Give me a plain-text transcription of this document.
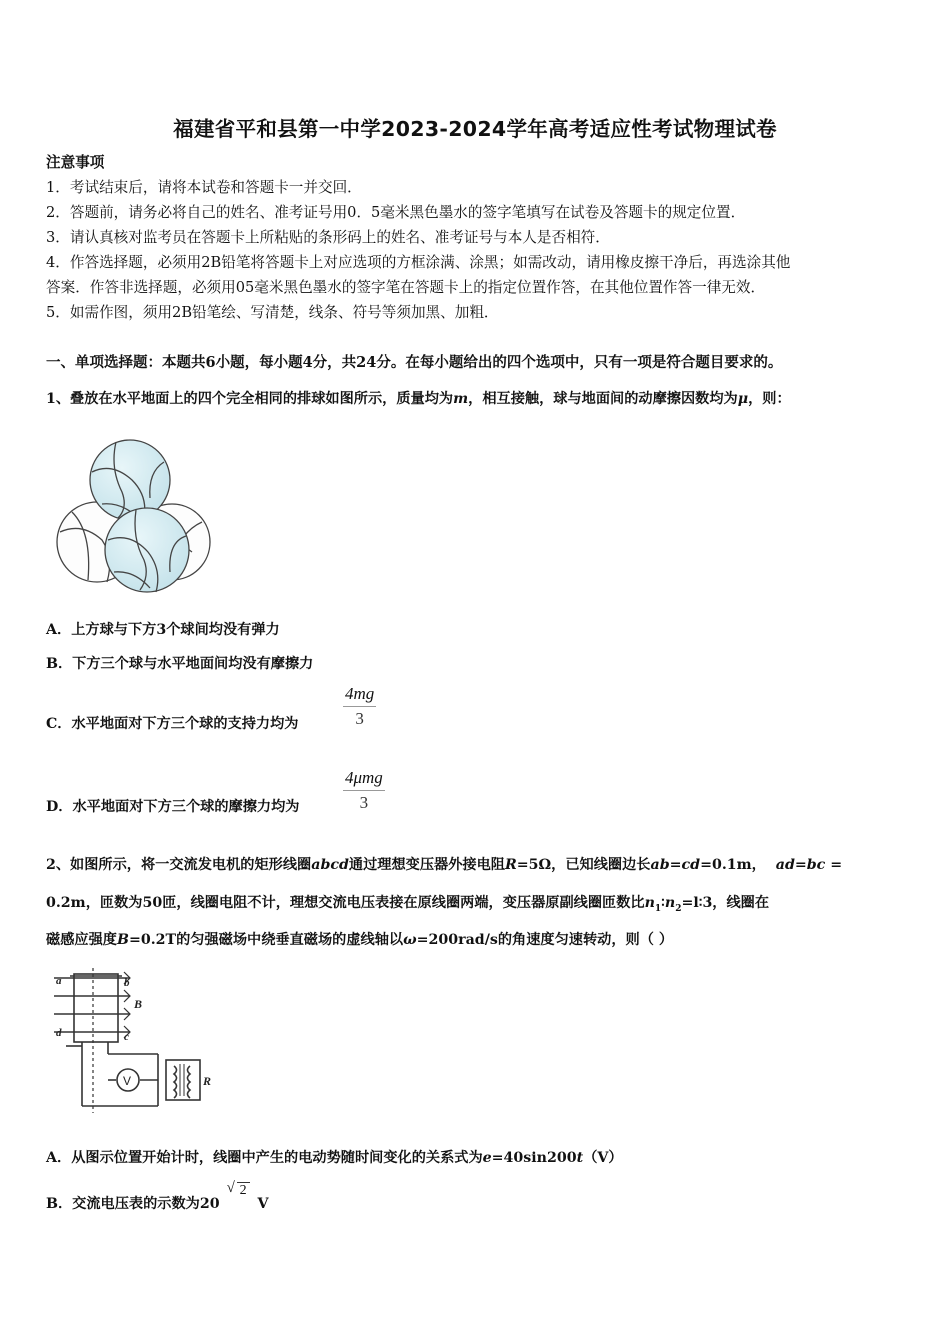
福建省平和县第一中学2023-2024学年高考适应性考试物理试卷
注意事项
1．考试结束后，请将本试卷和答题卡一并交回．
2．答题前，请务必将自己的姓名、准考证号用0．5毫米黑色墨水的签字笔填写在试卷及答题卡的规定位置．
3．请认真核对监考员在答题卡上所粘贴的条形码上的姓名、准考证号与本人是否相符．
4．作答选择题，必须用2B铅笔将答题卡上对应选项的方框涂满、涂黑；如需改动，请用橡皮擦干净后，再选涂其他
答案．作答非选择题，必须用05毫米黑色墨水的签字笔在答题卡上的指定位置作答，在其他位置作答一律无效．
5．如需作图，须用2B铅笔绘、写清楚，线条、符号等须加黑、加粗．
一、单项选择题：本题共6小题，每小题4分，共24分。在每小题给出的四个选项中，只有一项是符合题目要求的。
1、叠放在水平地面上的四个完全相同的排球如图所示，质量均为m，相互接触，球与地面间的动摩擦因数均为μ，则：
A．上方球与下方3个球间均没有弹力
B．下方三个球与水平地面间均没有摩擦力
C．水平地面对下方三个球的支持力均为
4mg
3
D．水平地面对下方三个球的摩擦力均为
4μmg
3
2、如图所示，将一交流发电机的矩形线圈abcd通过理想变压器外接电阻R=5Ω，已知线圈边长ab=cd=0.1m， ad=bc =
0.2m，匝数为50匝，线圈电阻不计，理想交流电压表接在原线圈两端，变压器原副线圈匝数比$n_1∶n_2=l∶3$，线圈在
磁感应强度B=0.2T的匀强磁场中绕垂直磁场的虚线轴以ω=200rad/s的角速度匀速转动，则（ ）
a	b
B
c
d
V	R
A．从图示位置开始计时，线圈中产生的电动势随时间变化的关系式为e=40sin200t（V）
B．交流电压表的示数为20
√ 2
V
